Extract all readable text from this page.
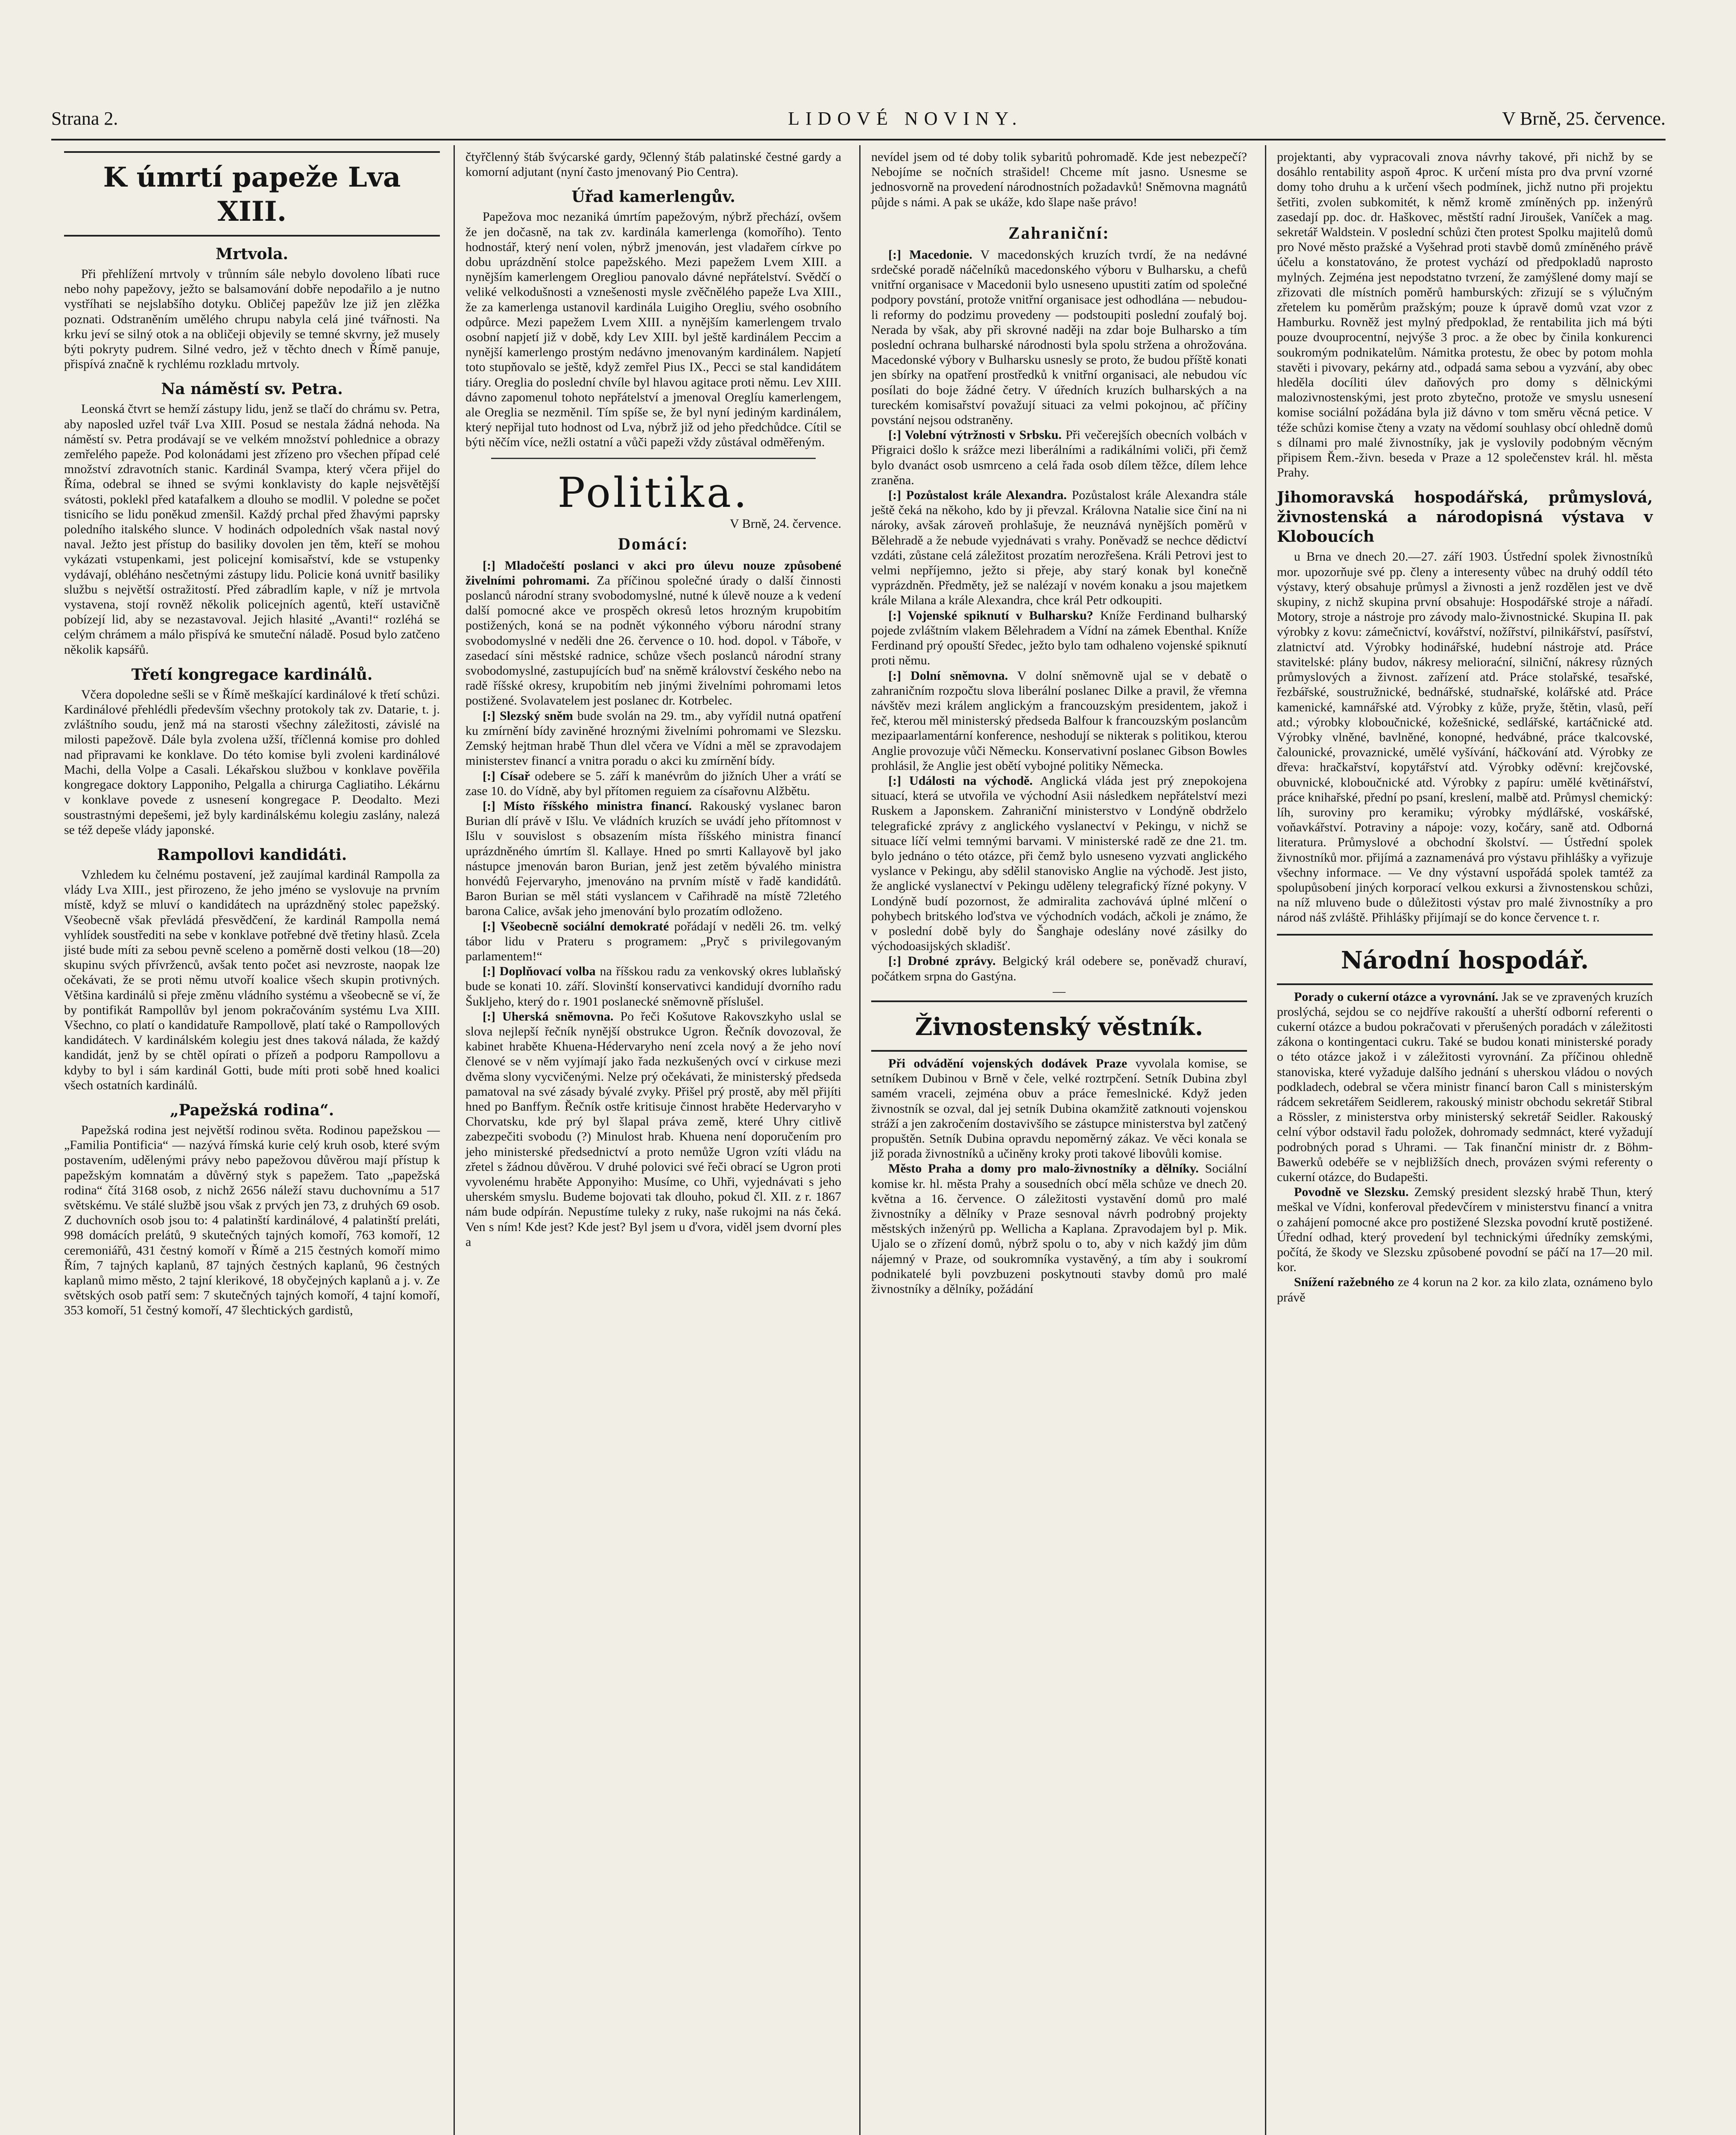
Strana 2.	LIDOVÉ NOVINY.	V Brně, 25. července.
K úmrtí papeže Lva XIII.
Mrtvola.

Při přehlížení mrtvoly v trůnním sále nebylo dovoleno líbati ruce nebo nohy papežovy, ježto se balsamování dobře nepodařilo a je nutno vystříhati se nejslabšího dotyku. Obličej papežův lze již jen zlěžka poznati. Odstraněním umělého chrupu nabyla celá jiné tvářnosti. Na krku jeví se silný otok a na obličeji objevily se temné skvrny, jež musely býti pokryty pudrem. Silné vedro, jež v těchto dnech v Římě panuje, přispívá značně k rychlému rozkladu mrtvoly.

Na náměstí sv. Petra.

Leonská čtvrt se hemží zástupy lidu, jenž se tlačí do chrámu sv. Petra, aby naposled uzřel tvář Lva XIII. Posud se nestala žádná nehoda. Na náměstí sv. Petra prodávají se ve velkém množství pohlednice a obrazy zemřelého papeže. Pod kolonádami jest zřízeno pro všechen případ celé množství zdravotních stanic. Kardinál Svampa, který včera přijel do Říma, odebral se ihned se svými konklavisty do kaple nejsvětější svátosti, poklekl před katafalkem a dlouho se modlil. V poledne se počet tisnicího se lidu poněkud zmenšil. Každý prchal před žhavými paprsky poledního italského slunce. V hodinách odpoledních však nastal nový naval. Ježto jest přístup do basiliky dovolen jen těm, kteří se mohou vykázati vstupenkami, jest policejní komisařství, kde se vstupenky vydávají, obléháno nesčetnými zástupy lidu. Policie koná uvnitř basiliky službu s největší ostražitostí. Před zábradlím kaple, v níž je mrtvola vystavena, stojí rovněž několik policejních agentů, kteří ustavičně pobízejí lid, aby se nezastavoval. Jejich hlasité „Avanti!“ rozléhá se celým chrámem a málo přispívá ke smuteční náladě. Posud bylo zatčeno několik kapsářů.

Třetí kongregace kardinálů.

Včera dopoledne sešli se v Římě meškající kardinálové k třetí schůzi. Kardinálové přehlédli především všechny protokoly tak zv. Datarie, t. j. zvláštního soudu, jenž má na starosti všechny záležitosti, závislé na milosti papežově. Dále byla zvolena užší, tříčlenná komise pro dohled nad připravami ke konklave. Do této komise byli zvoleni kardinálové Machi, della Volpe a Casali. Lékařskou službou v konklave pověřila kongregace doktory Lapponiho, Pelgalla a chirurga Cagliatiho. Lékárnu v konklave povede z usnesení kongregace P. Deodalto. Mezi soustrastnými depešemi, jež byly kardinálskému kolegiu zaslány, nalezá se též depeše vlády japonské.

Rampollovi kandidáti.

Vzhledem ku čelnému postavení, jež zaujímal kardinál Rampolla za vlády Lva XIII., jest přirozeno, že jeho jméno se vyslovuje na prvním místě, když se mluví o kandidátech na uprázdněný stolec papežský. Všeobecně však převládá přesvědčení, že kardinál Rampolla nemá vyhlídek soustřediti na sebe v konklave potřebné dvě třetiny hlasů. Zcela jisté bude míti za sebou pevně sceleno a poměrně dosti velkou (18—20) skupinu svých přívrženců, avšak tento počet asi nevzroste, naopak lze očekávati, že se proti němu utvoří koalice všech skupin protivných. Většina kardinálů si přeje změnu vládního systému a všeobecně se ví, že by pontifikát Rampollův byl jenom pokračováním systému Lva XIII. Všechno, co platí o kandidatuře Rampollově, platí také o Rampollových kandidátech. V kardinálském kolegiu jest dnes taková nálada, že každý kandidát, jenž by se chtěl opírati o přízeň a podporu Rampollovu a kdyby to byl i sám kardinál Gotti, bude míti proti sobě hned koalici všech ostatních kardinálů.

„Papežská rodina“.

Papežská rodina jest největší rodinou světa. Rodinou papežskou — „Familia Pontificia“ — nazývá římská kurie celý kruh osob, které svým postavením, udělenými právy nebo papežovou důvěrou mají přístup k papežským komnatám a důvěrný styk s papežem. Tato „papežská rodina“ čítá 3168 osob, z nichž 2656 náleží stavu duchovnímu a 517 světskému. Ve stálé službě jsou však z prvých jen 73, z druhých 69 osob. Z duchovních osob jsou to: 4 palatinští kardinálové, 4 palatinští preláti, 998 domácích prelátů, 9 skutečných tajných komoří, 763 komoří, 12 ceremoniářů, 431 čestný komoří v Římě a 215 čestných komoří mimo Řím, 7 tajných kaplanů, 87 tajných čestných kaplanů, 96 čestných kaplanů mimo město, 2 tajní klerikové, 18 obyčejných kaplanů a j. v. Ze světských osob patří sem: 7 skutečných tajných komoří, 4 tajní komoří, 353 komoří, 51 čestný komoří, 47 šlechtických gardistů,

čtyřčlenný štáb švýcarské gardy, 9členný štáb palatinské čestné gardy a komorní adjutant (nyní často jmenovaný Pio Centra).

Úřad kamerlengův.

Papežova moc nezaniká úmrtím papežovým, nýbrž přechází, ovšem že jen dočasně, na tak zv. kardinála kamerlenga (komořího). Tento hodnostář, který není volen, nýbrž jmenován, jest vladařem církve po dobu uprázdnění stolce papežského. Mezi papežem Lvem XIII. a nynějším kamerlengem Oregliou panovalo dávné nepřátelství. Svědčí o veliké velkodušnosti a vznešenosti mysle zvěčnělého papeže Lva XIII., že za kamerlenga ustanovil kardinála Luigiho Oregliu, svého osobního odpůrce. Mezi papežem Lvem XIII. a nynějším kamerlengem trvalo osobní napjetí již v době, kdy Lev XIII. byl ještě kardinálem Peccim a nynější kamerlengo prostým nedávno jmenovaným kardinálem. Napjetí toto stupňovalo se ještě, když zemřel Pius IX., Pecci se stal kandidátem tiáry. Oreglia do poslední chvíle byl hlavou agitace proti němu. Lev XIII. dávno zapomenul tohoto nepřátelství a jmenoval Oreglíu kamerlengem, ale Oreglia se nezměnil. Tím spíše se, že byl nyní jediným kardinálem, který nepřijal tuto hodnost od Lva, nýbrž již od jeho předchůdce. Cítil se býti něčím více, nežli ostatní a vůči papeži vždy zůstával odměřeným.

Politika.
V Brně, 24. července.
Domácí:

[:] Mladočeští poslanci v akci pro úlevu nouze způsobené živelními pohromami. Za příčinou společné úrady o další činnosti poslanců národní strany svobodomyslné, nutné k úlevě nouze a k vedení další pomocné akce ve prospěch okresů letos hrozným krupobitím postižených, koná se na podnět výkonného výboru národní strany svobodomyslné v neděli dne 26. července o 10. hod. dopol. v Táboře, v zasedací síni městské radnice, schůze všech poslanců národní strany svobodomyslné, zastupujících buď na sněmě království českého nebo na radě říšské okresy, krupobitím neb jinými živelními pohromami letos postižené. Svolavatelem jest poslanec dr. Kotrbelec.

[:] Slezský sněm bude svolán na 29. tm., aby vyřídil nutná opatření ku zmírnění bídy zaviněné hroznými živelními pohromami ve Slezsku. Zemský hejtman hrabě Thun dlel včera ve Vídni a měl se zpravodajem ministerstev financí a vnitra poradu o akci ku zmírnění bídy.

[:] Císař odebere se 5. září k manévrům do jižních Uher a vrátí se zase 10. do Vídně, aby byl přítomen reguiem za císařovnu Alžbětu.

[:] Místo říšského ministra financí. Rakouský vyslanec baron Burian dlí právě v Išlu. Ve vládních kruzích se uvádí jeho přítomnost v Išlu v souvislost s obsazením místa říšského ministra financí uprázdněného úmrtím šl. Kallaye. Hned po smrti Kallayově byl jako nástupce jmenován baron Burian, jenž jest zetěm bývalého ministra honvédů Fejervaryho, jmenováno na prvním místě v řadě kandidátů. Baron Burian se měl státi vyslancem v Cařihradě na místě 72letého barona Calice, avšak jeho jmenování bylo prozatím odloženo.

[:] Všeobecně sociální demokraté pořádají v neděli 26. tm. velký tábor lidu v Prateru s programem: „Pryč s privilegovaným parlamentem!“

[:] Doplňovací volba na říšskou radu za venkovský okres lublaňský bude se konati 10. září. Slovinští konservativci kandidují dvorního radu Šukljeho, který do r. 1901 poslanecké sněmovně příslušel.

[:] Uherská sněmovna. Po řeči Košutove Rakovszkyho uslal se slova nejlepší řečník nynější obstrukce Ugron. Řečník dovozoval, že kabinet hraběte Khuena-Hédervaryho není zcela nový a že jeho noví členové se v něm vyjímají jako řada nezkušených ovcí v cirkuse mezi dvěma slony vycvičenými. Nelze prý očekávati, že ministerský předseda pamatoval na své zásady bývalé zvyky. Přišel prý prostě, aby měl přijíti hned po Banffym. Řečník ostře kritisuje činnost hraběte Hedervaryho v Chorvatsku, kde prý byl šlapal práva země, které Uhry citlivě zabezpečiti svobodu (?) Minulost hrab. Khuena není doporučením pro jeho ministerské předsednictví a proto nemůže Ugron vzíti vládu na zřetel s žádnou důvěrou. V druhé polovici své řeči obrací se Ugron proti vyvolenému hraběte Apponyiho: Musíme, co Uhři, vyjednávati s jeho uherském smyslu. Budeme bojovati tak dlouho, pokud čl. XII. z r. 1867 nám bude odpírán. Nepustíme tuleky z ruky, naše rukojmi na nás čeká. Ven s ním! Kde jest? Kde jest? Byl jsem u ďvora, viděl jsem dvorní ples a

nevídel jsem od té doby tolik sybaritů pohromadě. Kde jest nebezpečí? Nebojíme se nočních strašidel! Chceme mít jasno. Usnesme se jednosvorně na provedení národnostních požadavků! Sněmovna magnátů půjde s námi. A pak se ukáže, kdo šlape naše právo!

Zahraniční:

[:] Macedonie. V macedonských kruzích tvrdí, že na nedávné srdečské poradě náčelníků macedonského výboru v Bulharsku, a chefů vnitřní organisace v Macedonii bylo usneseno upustiti zatím od společné podpory povstání, protože vnitřní organisace jest odhodlána — nebudou-li reformy do podzimu provedeny — podstoupiti poslední zoufalý boj. Nerada by však, aby při skrovné naději na zdar boje Bulharsko a tím poslední ochrana bulharské národnosti byla spolu stržena a ohrožována. Macedonské výbory v Bulharsku usnesly se proto, že budou příště konati jen sbírky na opatření prostředků k vnitřní organisaci, ale nebudou víc posílati do boje žádné četry. V úředních kruzích bulharských a na tureckém komisařství považují situaci za velmi pokojnou, ač příčiny povstání nejsou odstraněny.

[:] Volební výtržnosti v Srbsku. Při večerejších obecních volbách v Přigraici došlo k srážce mezi liberálními a radikálními voliči, při čemž bylo dvanáct osob usmrceno a celá řada osob dílem těžce, dílem lehce zraněna.

[:] Pozůstalost krále Alexandra. Pozůstalost krále Alexandra stále ještě čeká na někoho, kdo by ji převzal. Královna Natalie sice činí na ni nároky, avšak zároveň prohlašuje, že neuznává nynějších poměrů v Bělehradě a že nebude vyjednávati s vrahy. Poněvadž se nechce dědictví vzdáti, zůstane celá záležitost prozatím nerozřešena. Králi Petrovi jest to velmi nepříjemno, ježto si přeje, aby starý konak byl konečně vyprázdněn. Předměty, jež se nalézají v novém konaku a jsou majetkem krále Milana a krále Alexandra, chce král Petr odkoupiti.

[:] Vojenské spiknutí v Bulharsku? Kníže Ferdinand bulharský pojede zvláštním vlakem Bělehradem a Vídní na zámek Ebenthal. Kníže Ferdinand prý opouští Sředec, ježto bylo tam odhaleno vojenské spiknutí proti němu.

[:] Dolní sněmovna. V dolní sněmovně ujal se v debatě o zahraničním rozpočtu slova liberální poslanec Dilke a pravil, že vřemna návštěv mezi králem anglickým a francouzským presidentem, jakož i řeč, kterou měl ministerský předseda Balfour k francouzským poslancům mezipaarlamentární konference, neshodují se nikterak s politikou, kterou Anglie provozuje vůči Německu. Konservativní poslanec Gibson Bowles prohlásil, že Anglie jest obětí vybojné politiky Německa.

[:] Události na východě. Anglická vláda jest prý znepokojena situací, která se utvořila ve východní Asii následkem nepřátelství mezi Ruskem a Japonskem. Zahraniční ministerstvo v Londýně obdrželo telegrafické zprávy z anglického vyslanectví v Pekingu, v nichž se situace líčí velmi temnými barvami. V ministerské radě ze dne 21. tm. bylo jednáno o této otázce, při čemž bylo usneseno vyzvati anglického vyslance v Pekingu, aby sdělil stanovisko Anglie na východě. Jest jisto, že anglické vyslanectví v Pekingu uděleny telegrafický řízné pokyny. V Londýně budí pozornost, že admiralita zachovává úplné mlčení o pohybech britského loďstva ve východních vodách, ačkoli je známo, že v poslední době byly do Šanghaje odeslány nové zásilky do východoasijských skladišť.

[:] Drobné zprávy. Belgický král odebere se, poněvadž churaví, počátkem srpna do Gastýna.

—
Živnostenský věstník.

Při odvádění vojenských dodávek Praze vyvolala komise, se setníkem Dubinou v Brně v čele, velké roztrpčení. Setník Dubina zbyl samém vraceli, zejména obuv a práce řemeslnické. Když jeden živnostník se ozval, dal jej setník Dubina okamžitě zatknouti vojenskou stráží a jen zakročením dostavivšího se zástupce ministerstva byl zatčený propuštěn. Setník Dubina opravdu nepoměrný zákaz. Ve věci konala se již porada živnostníků a učiněny kroky proti takové libovůli komise.

Město Praha a domy pro malo-živnostníky a dělníky. Sociální komise kr. hl. města Prahy a sousedních obcí měla schůze ve dnech 20. května a 16. července. O záležitosti vystavění domů pro malé živnostníky a dělníky v Praze sesnoval návrh podrobný projekty městských inženýrů pp. Wellicha a Kaplana. Zpravodajem byl p. Mik. Ujalo se o zřízení domů, nýbrž spolu o to, aby v nich každý jim dům nájemný v Praze, od soukromníka vystavěný, a tím aby i soukromí podnikatelé byli povzbuzeni poskytnouti stavby domů pro malé živnostníky a dělníky, požádání

projektanti, aby vypracovali znova návrhy takové, při nichž by se dosáhlo rentability aspoň 4proc. K určení místa pro dva první vzorné domy toho druhu a k určení všech podmínek, jichž nutno při projektu šetřiti, zvolen subkomitét, k němž kromě zmíněných pp. inženýrů zasedají pp. doc. dr. Haškovec, městští radní Jiroušek, Vaníček a mag. sekretář Waldstein. V poslední schůzi čten protest Spolku majitelů domů pro Nové město pražské a Vyšehrad proti stavbě domů zmíněného právě účelu a konstatováno, že protest vychází od předpokladů naprosto mylných. Zejména jest nepodstatno tvrzení, že zamýšlené domy mají se zřizovati dle místních poměrů hamburských: zřizují se s výlučným zřetelem ku poměrům pražským; pouze k úpravě domů vzat vzor z Hamburku. Rovněž jest mylný předpoklad, že rentabilita jich má býti pouze dvouprocentní, nejvýše 3 proc. a že obec by činila konkurenci soukromým podnikatelům. Námitka protestu, že obec by potom mohla stavěti i pivovary, pekárny atd., odpadá sama sebou a vyzvání, aby obec hleděla docíliti úlev daňových pro domy s dělnickými malozivnostenskými, jest proto zbytečno, protože ve smyslu usnesení komise sociální požádána byla již dávno v tom směru věcná petice. V téže schůzi komise čteny a vzaty na vědomí souhlasy obcí ohledně domů s dílnami pro malé živnostníky, jak je vyslovily podobným věcným připisem Řem.-živn. beseda v Praze a 12 společenstev král. hl. města Prahy.

Jihomoravská hospodářská, průmyslová, živnostenská a národopisná výstava v Kloboucích

u Brna ve dnech 20.—27. září 1903. Ústřední spolek živnostníků mor. upozorňuje své pp. členy a interesenty vůbec na druhý oddíl této výstavy, který obsahuje průmysl a živnosti a jenž rozdělen jest ve dvě skupiny, z nichž skupina první obsahuje: Hospodářské stroje a nářadí. Motory, stroje a nástroje pro závody malo-živnostnické. Skupina II. pak výrobky z kovu: zámečnictví, kovářství, nožířství, pilnikářství, pasířství, zlatnictví atd. Výrobky hodinářské, hudební nástroje atd. Práce stavitelské: plány budov, nákresy melioraćní, silniční, nákresy různých průmyslových a živnost. zařízení atd. Práce stolařské, tesařské, řezbářské, soustružnické, bednářské, studnařské, kolářské atd. Práce kamenické, kamnářské atd. Výrobky z kůže, pryže, štětin, vlasů, peří atd.; výrobky kloboučnické, kožešnické, sedlářské, kartáčnické atd. Výrobky vlněné, bavlněné, konopné, hedvábné, práce tkalcovské, čalounické, provaznické, umělé vyšívání, háčkování atd. Výrobky ze dřeva: hračkařství, kopytářství atd. Výrobky oděvní: krejčovské, obuvnické, kloboučnické atd. Výrobky z papíru: umělé květinářství, práce knihařské, přední po psaní, kreslení, malbě atd. Průmysl chemický: líh, suroviny pro keramiku; výrobky mýdlářské, voskářské, voňavkářství. Potraviny a nápoje: vozy, kočáry, saně atd. Odborná literatura. Průmyslové a obchodní školství. — Ústřední spolek živnostníků mor. přijímá a zaznamenává pro výstavu přihlášky a vyřizuje všechny informace. — Ve dny výstavní uspořádá spolek tamtéž za spolupůsobení jiných korporací velkou exkursi a živnostenskou schůzi, na níž mluveno bude o důležitosti výstav pro malé živnostníky a pro národ náš zvláště. Přihlášky přijímají se do konce července t. r.

Národní hospodář.

Porady o cukerní otázce a vyrovnání. Jak se ve zpravených kruzích proslýchá, sejdou se co nejdříve rakouští a uherští odborní referenti o cukerní otázce a budou pokračovati v přerušených poradách v záležitosti zákona o kontingentaci cukru. Také se budou konati ministerské porady o této otázce jakož i v záležitosti vyrovnání. Za příčinou ohledně stanoviska, které vyžaduje dalšího jednání s uherskou vládou o nových podkladech, odebral se včera ministr financí baron Call s ministerským rádcem sekretářem Seidlerem, rakouský ministr obchodu sekretář Stibral a Rössler, z ministerstva orby ministerský sekretář Seidler. Rakouský celní výbor odstavil řadu položek, dohromady sedmnáct, které vyžadují podrobných porad s Uhrami. — Tak finanční ministr dr. z Böhm-Bawerků odebéře se v nejbližších dnech, provázen svými referenty o cukerní otázce, do Budapešti.

Povodně ve Slezsku. Zemský president slezský hrabě Thun, který meškal ve Vídni, konferoval předevčírem v ministerstvu financí a vnitra o zahájení pomocné akce pro postižené Slezska povodní krutě postižené. Úřední odhad, který provedení byl technickými úředníky zemskými, počítá, že škody ve Slezsku způsobené povodní se páčí na 17—20 mil. kor.

Snížení ražebného ze 4 korun na 2 kor. za kilo zlata, oznámeno bylo právě
